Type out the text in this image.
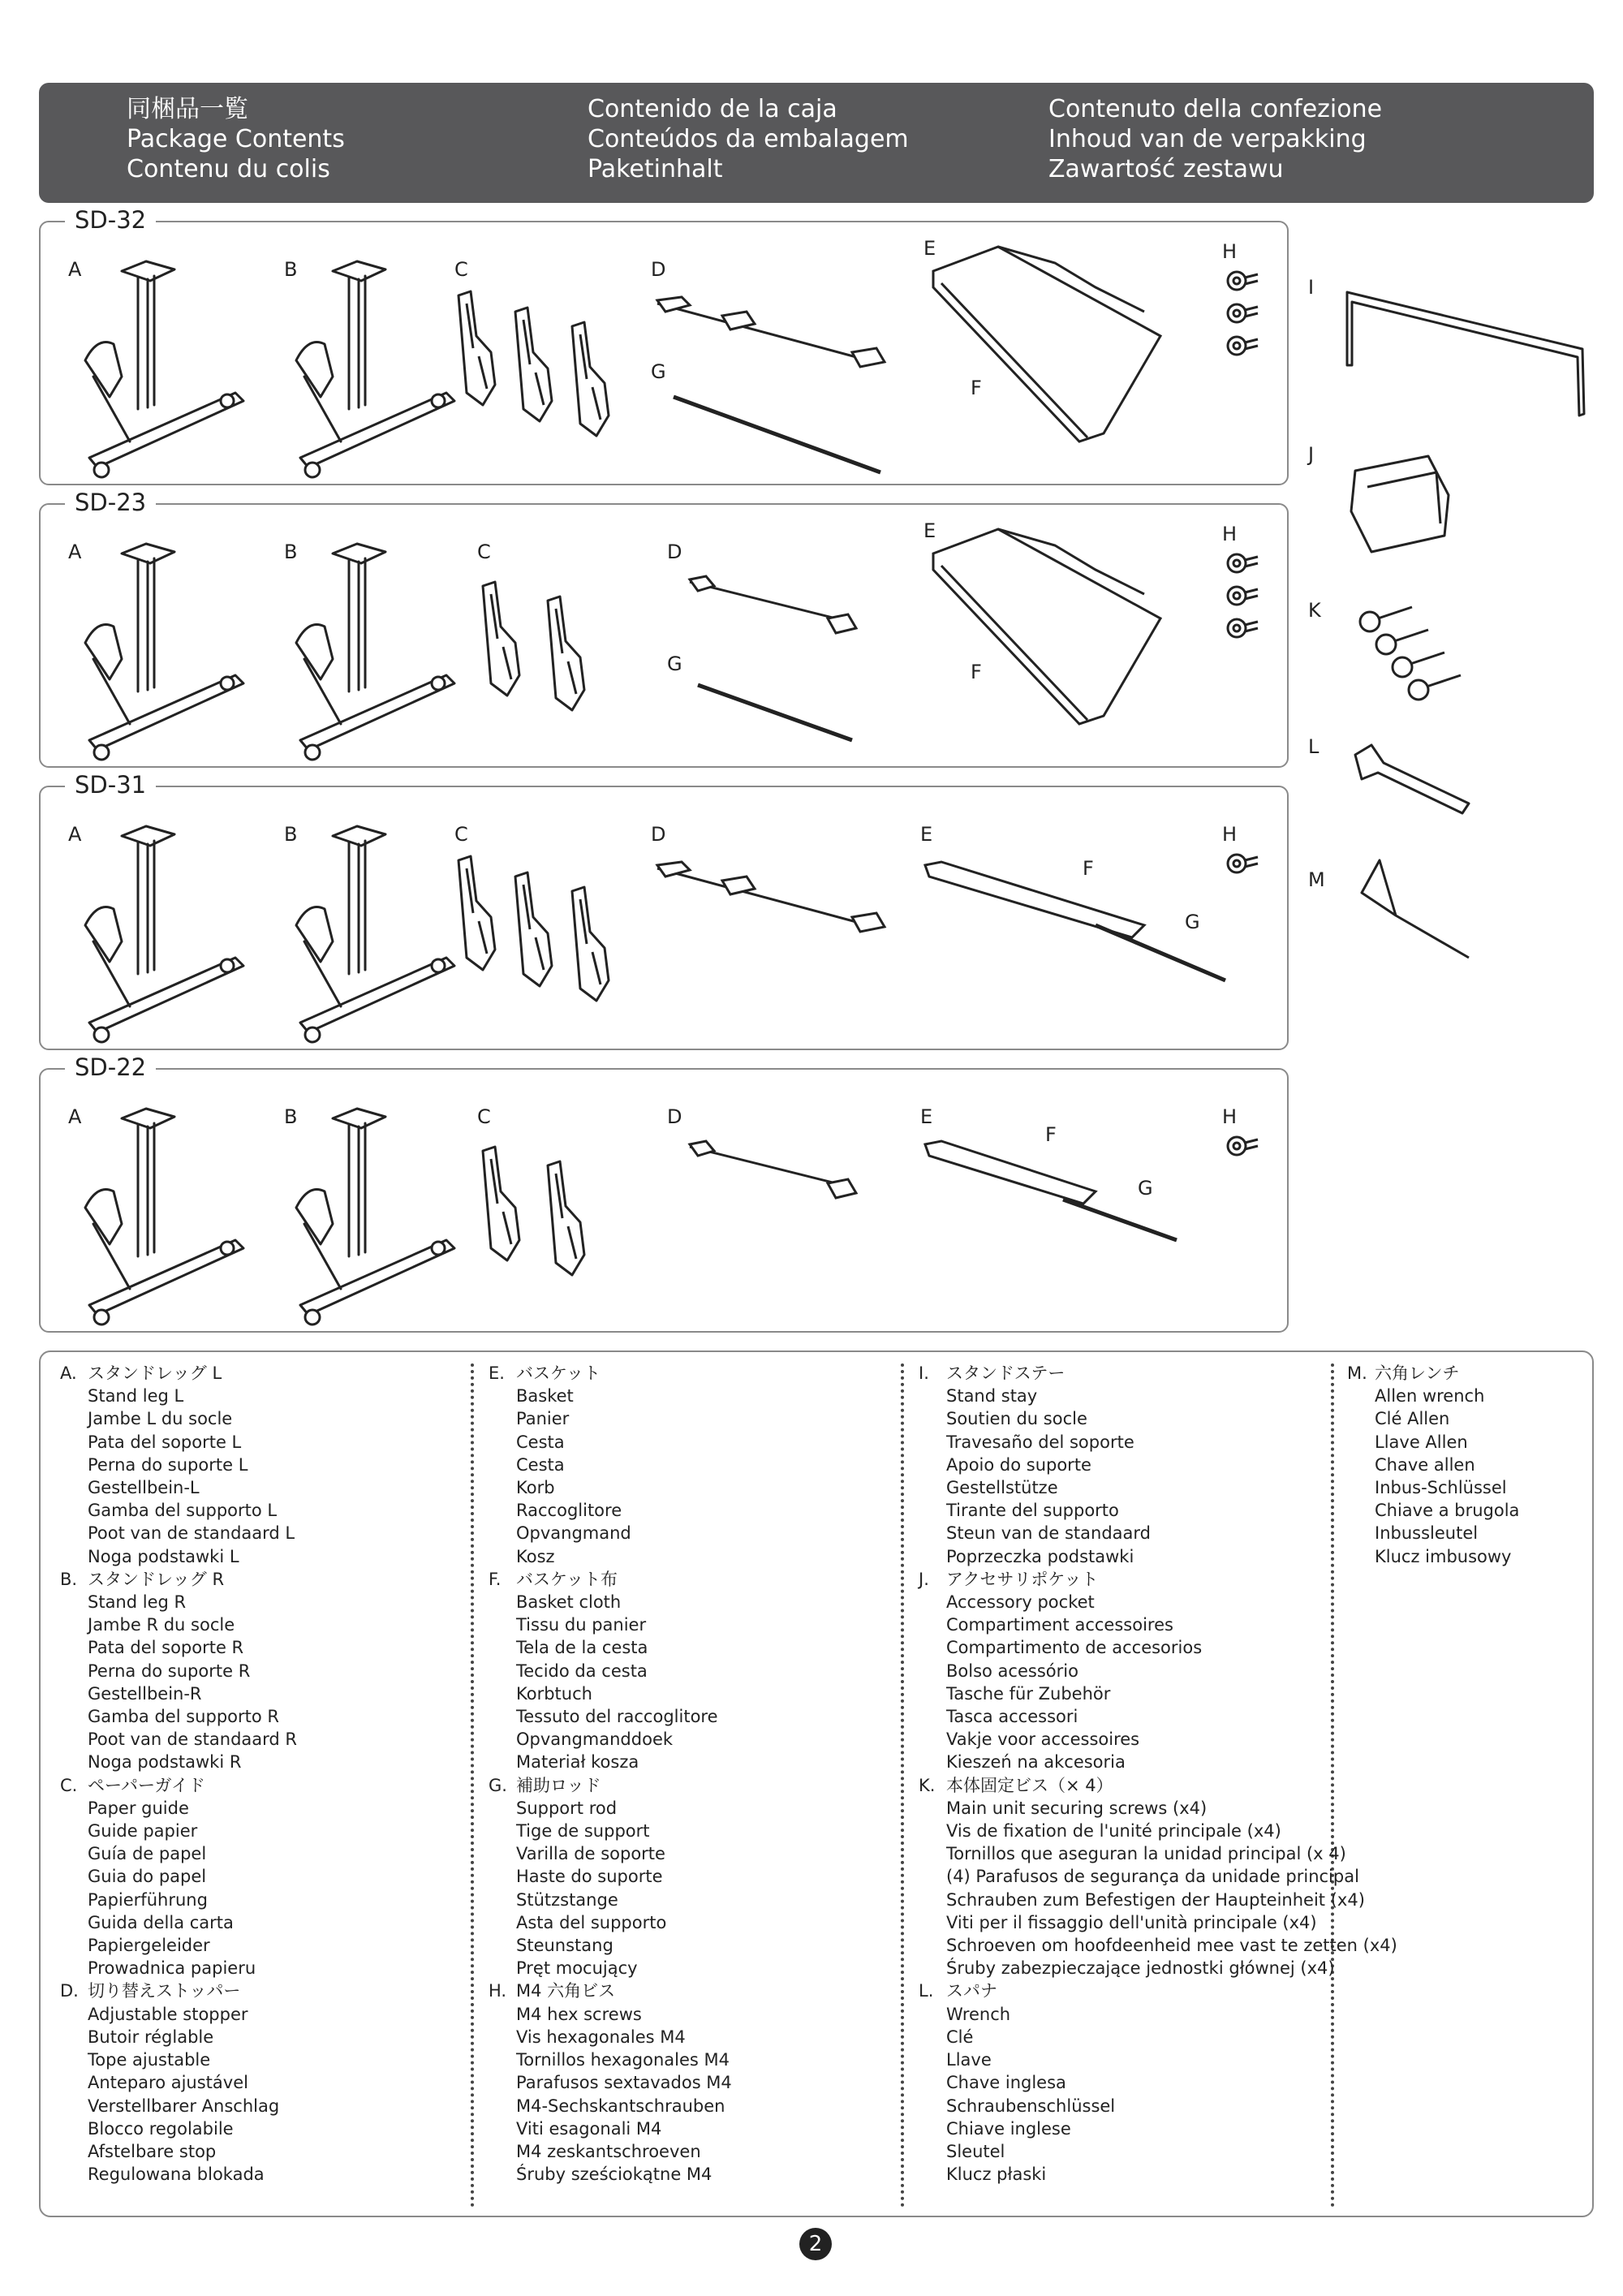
同梱品一覧
Package Contents
Contenu du colis
Contenido de la caja
Conteúdos da embalagem
Paketinhalt
Contenuto della confezione
Inhoud van de verpakking
Zawartość zestawu
SD-32
A	B	C	D
E
F
G
H
SD-23
A	B	C	D
E
F
G
H
SD-31
A	B	C	D	E
F
G
H
SD-22
A	B	C	D	E
F
G
H
I
J
K
L
M
A. スタンドレッグ L
Stand leg L
Jambe L du socle
Pata del soporte L
Perna do suporte L
Gestellbein-L
Gamba del supporto L
Poot van de standaard L
Noga podstawki L
B. スタンドレッグ R
Stand leg R
Jambe R du socle
Pata del soporte R
Perna do suporte R
Gestellbein-R
Gamba del supporto R
Poot van de standaard R
Noga podstawki R
C. ペーパーガイド
Paper guide
Guide papier
Guía de papel
Guia do papel
Papierführung
Guida della carta
Papiergeleider
Prowadnica papieru
D. 切り替えストッパー
Adjustable stopper
Butoir réglable
Tope ajustable
Anteparo ajustável
Verstellbarer Anschlag
Blocco regolabile
Afstelbare stop
Regulowana blokada
E. バスケット
Basket
Panier
Cesta
Cesta
Korb
Raccoglitore
Opvangmand
Kosz
F. バスケット布
Basket cloth
Tissu du panier
Tela de la cesta
Tecido da cesta
Korbtuch
Tessuto del raccoglitore
Opvangmanddoek
Materiał kosza
G. 補助ロッド
Support rod
Tige de support
Varilla de soporte
Haste do suporte
Stützstange
Asta del supporto
Steunstang
Pręt mocujący
H. M4 六角ビス
M4 hex screws
Vis hexagonales M4
Tornillos hexagonales M4
Parafusos sextavados M4
M4-Sechskantschrauben
Viti esagonali M4
M4 zeskantschroeven
Śruby sześciokątne M4
I.	スタンドステー
Stand stay
Soutien du socle
Travesaño del soporte
Apoio do suporte
Gestellstütze
Tirante del supporto
Steun van de standaard
Poprzeczka podstawki
J.	アクセサリポケット
Accessory pocket
Compartiment accessoires
Compartimento de accesorios
Bolso acessório
Tasche für Zubehör
Tasca accessori
Vakje voor accessoires
Kieszeń na akcesoria
K. 本体固定ビス（× 4）
Main unit securing screws (x4)
Vis de fixation de l'unité principale (x4)
Tornillos que aseguran la unidad principal (x 4)
(4) Parafusos de segurança da unidade principal
Schrauben zum Befestigen der Haupteinheit (x4)
Viti per il fissaggio dell'unità principale (x4)
Schroeven om hoofdeenheid mee vast te zetten (x4)
Śruby zabezpieczające jednostki głównej (x4)
L. スパナ
Wrench
Clé
Llave
Chave inglesa
Schraubenschlüssel
Chiave inglese
Sleutel
Klucz płaski
M. 六角レンチ
Allen wrench
Clé Allen
Llave Allen
Chave allen
Inbus-Schlüssel
Chiave a brugola
Inbussleutel
Klucz imbusowy
2
